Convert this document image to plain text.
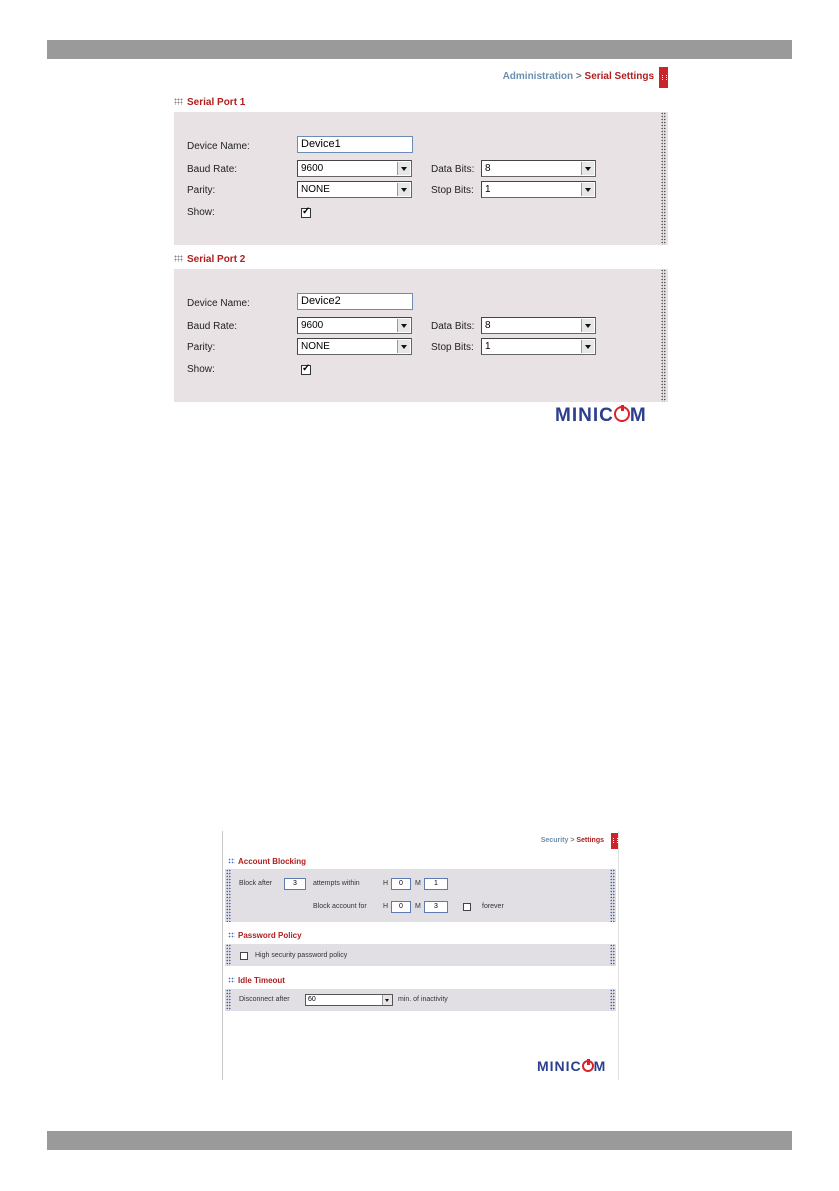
Administration > Serial Settings
Serial Port 1
Device Name:	Device1
Baud Rate:	9600	Data Bits:	8
Parity:	NONE	Stop Bits:	1
Show:
✓
Serial Port 2
Device Name:	Device2
Baud Rate:	9600	Data Bits:	8
Parity:	NONE	Stop Bits:	1
Show:
✓
MINIC M
Security > Settings
Account Blocking
Block after	3	attempts within	H	0	M	1
Block account for H	0	M	3	forever
Password Policy
High security password policy
Idle Timeout
Disconnect after	60	min. of inactivity
MINIC M
